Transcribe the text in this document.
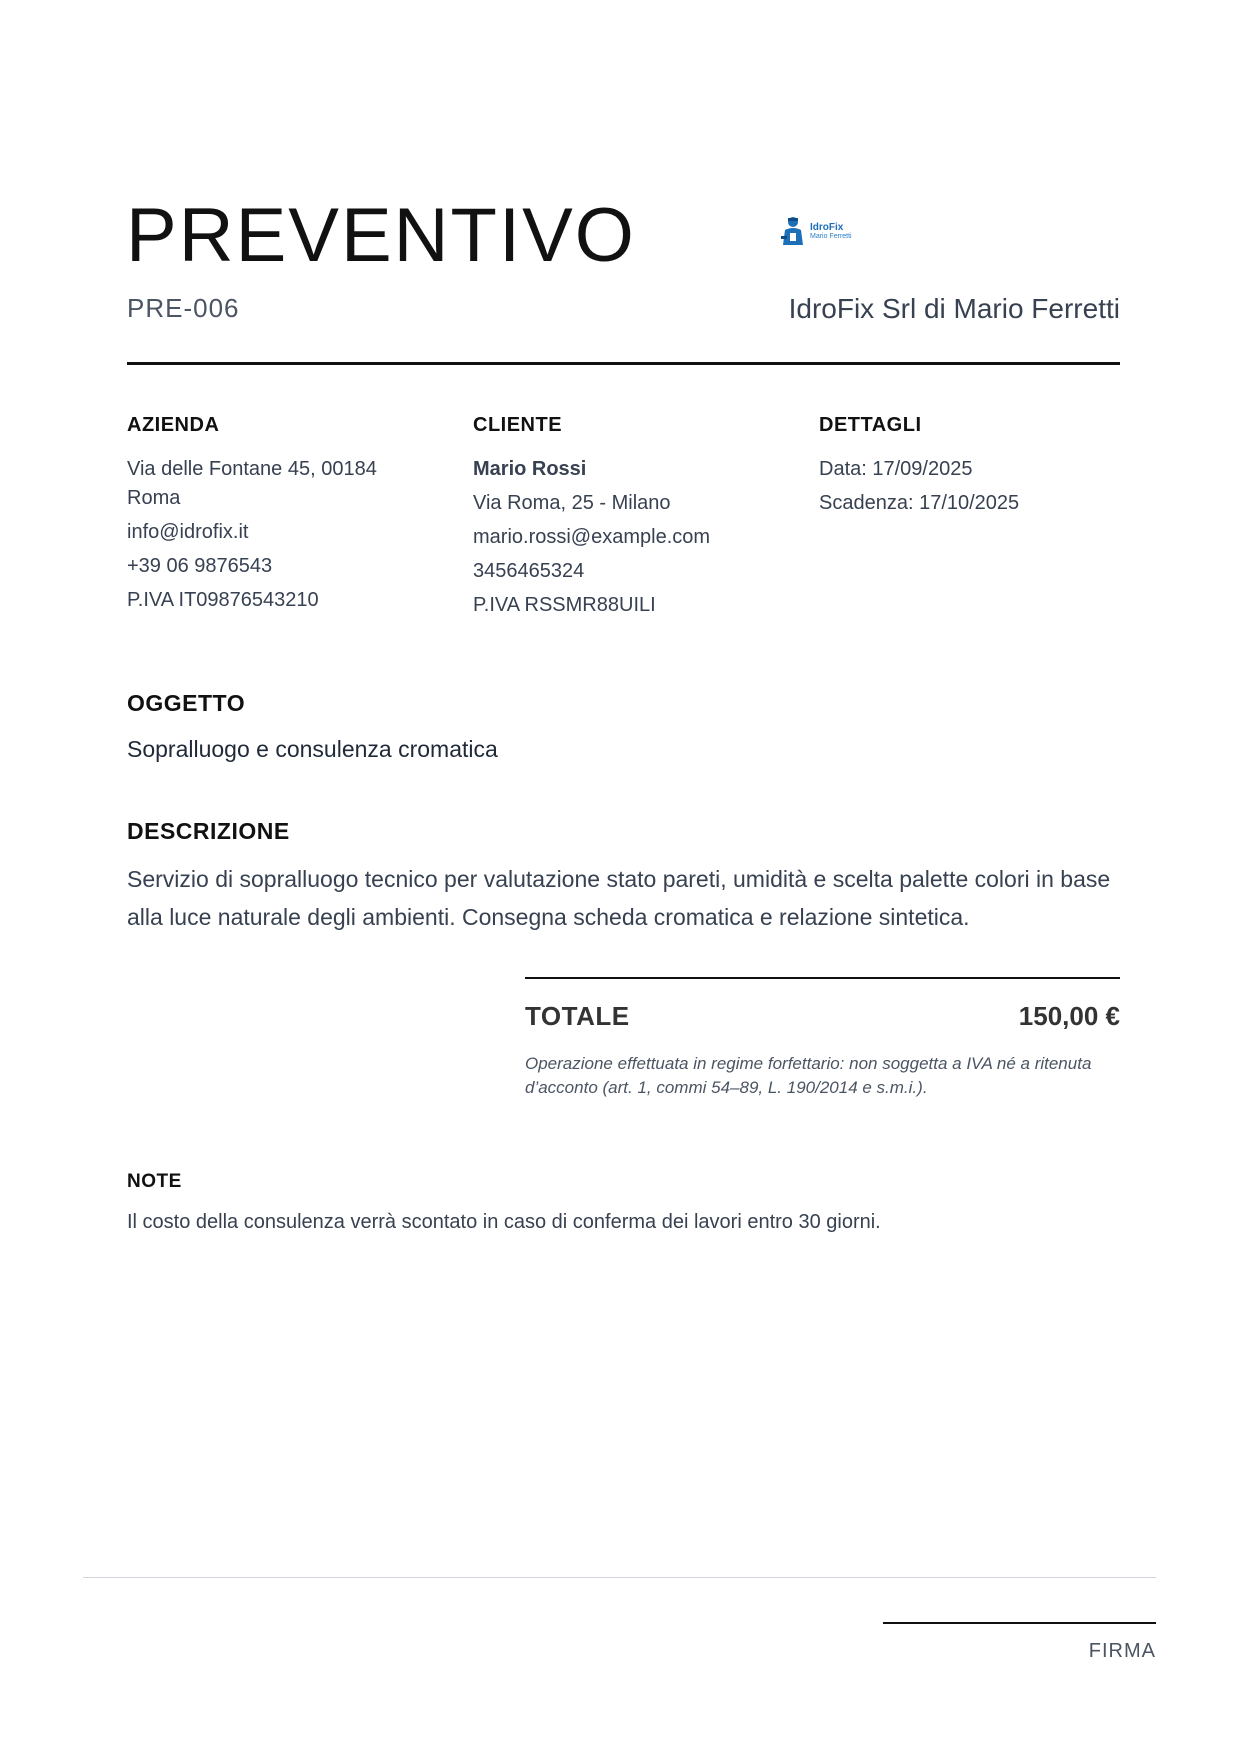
PREVENTIVO
PRE-006
IdroFix
Mario Ferretti
IdroFix Srl di Mario Ferretti
AZIENDA
Via delle Fontane 45, 00184
Roma
info@idrofix.it
+39 06 9876543
P.IVA IT09876543210
CLIENTE
Mario Rossi
Via Roma, 25 - Milano
mario.rossi@example.com
3456465324
P.IVA RSSMR88UILI
DETTAGLI
Data: 17/09/2025
Scadenza: 17/10/2025
OGGETTO
Sopralluogo e consulenza cromatica
DESCRIZIONE
Servizio di sopralluogo tecnico per valutazione stato pareti, umidità e scelta palette colori in base alla luce naturale degli ambienti. Consegna scheda cromatica e relazione sintetica.
TOTALE	150,00 €
Operazione effettuata in regime forfettario: non soggetta a IVA né a ritenuta d’acconto (art. 1, commi 54–89, L. 190/2014 e s.m.i.).
NOTE
Il costo della consulenza verrà scontato in caso di conferma dei lavori entro 30 giorni.
FIRMA
